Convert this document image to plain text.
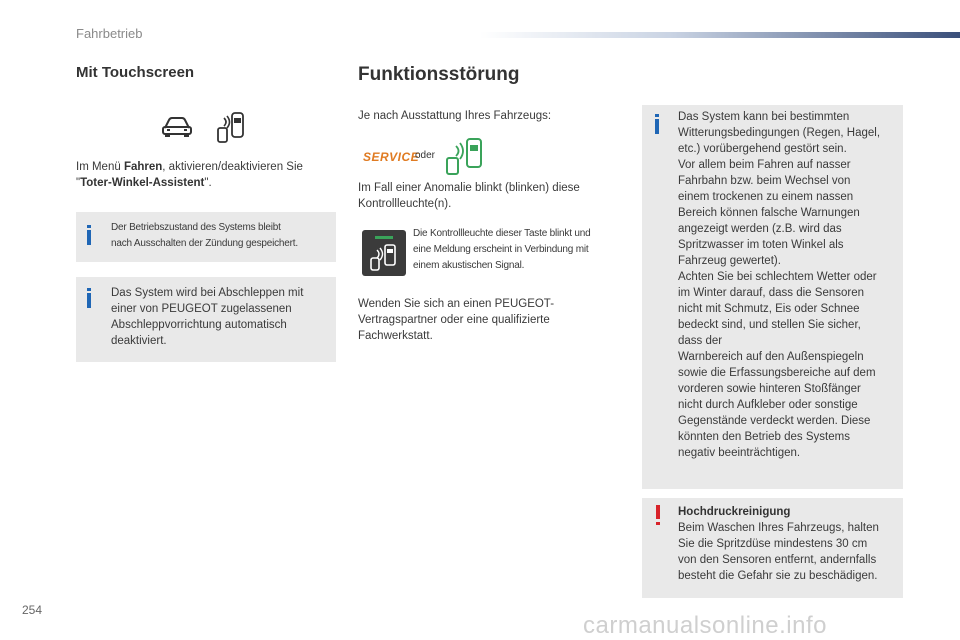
Fahrbetrieb
Mit Touchscreen
Im Menü Fahren, aktivieren/deaktivieren Sie
"Toter-Winkel-Assistent".
Der Betriebszustand des Systems bleibt
nach Ausschalten der Zündung gespeichert.
Das System wird bei Abschleppen mit
einer von PEUGEOT zugelassenen
Abschleppvorrichtung automatisch
deaktiviert.
Funktionsstörung
Je nach Ausstattung Ihres Fahrzeugs:
SERVICE
oder
Im Fall einer Anomalie blinkt (blinken) diese
Kontrollleuchte(n).
Die Kontrollleuchte dieser Taste blinkt und
eine Meldung erscheint in Verbindung mit
einem akustischen Signal.
Wenden Sie sich an einen PEUGEOT-
Vertragspartner oder eine qualifizierte
Fachwerkstatt.
Das System kann bei bestimmten
Witterungsbedingungen (Regen, Hagel,
etc.) vorübergehend gestört sein.
Vor allem beim Fahren auf nasser
Fahrbahn bzw. beim Wechsel von
einem trockenen zu einem nassen
Bereich können falsche Warnungen
angezeigt werden (z.B. wird das
Spritzwasser im toten Winkel als
Fahrzeug gewertet).
Achten Sie bei schlechtem Wetter oder
im Winter darauf, dass die Sensoren
nicht mit Schmutz, Eis oder Schnee
bedeckt sind, und stellen Sie sicher,
dass der
Warnbereich auf den Außenspiegeln
sowie die Erfassungsbereiche auf dem
vorderen sowie hinteren Stoßfänger
nicht durch Aufkleber oder sonstige
Gegenstände verdeckt werden. Diese
könnten den Betrieb des Systems
negativ beeinträchtigen.
Hochdruckreinigung
Beim Waschen Ihres Fahrzeugs, halten
Sie die Spritzdüse mindestens 30 cm
von den Sensoren entfernt, andernfalls
besteht die Gefahr sie zu beschädigen.
254
carmanualsonline.info
